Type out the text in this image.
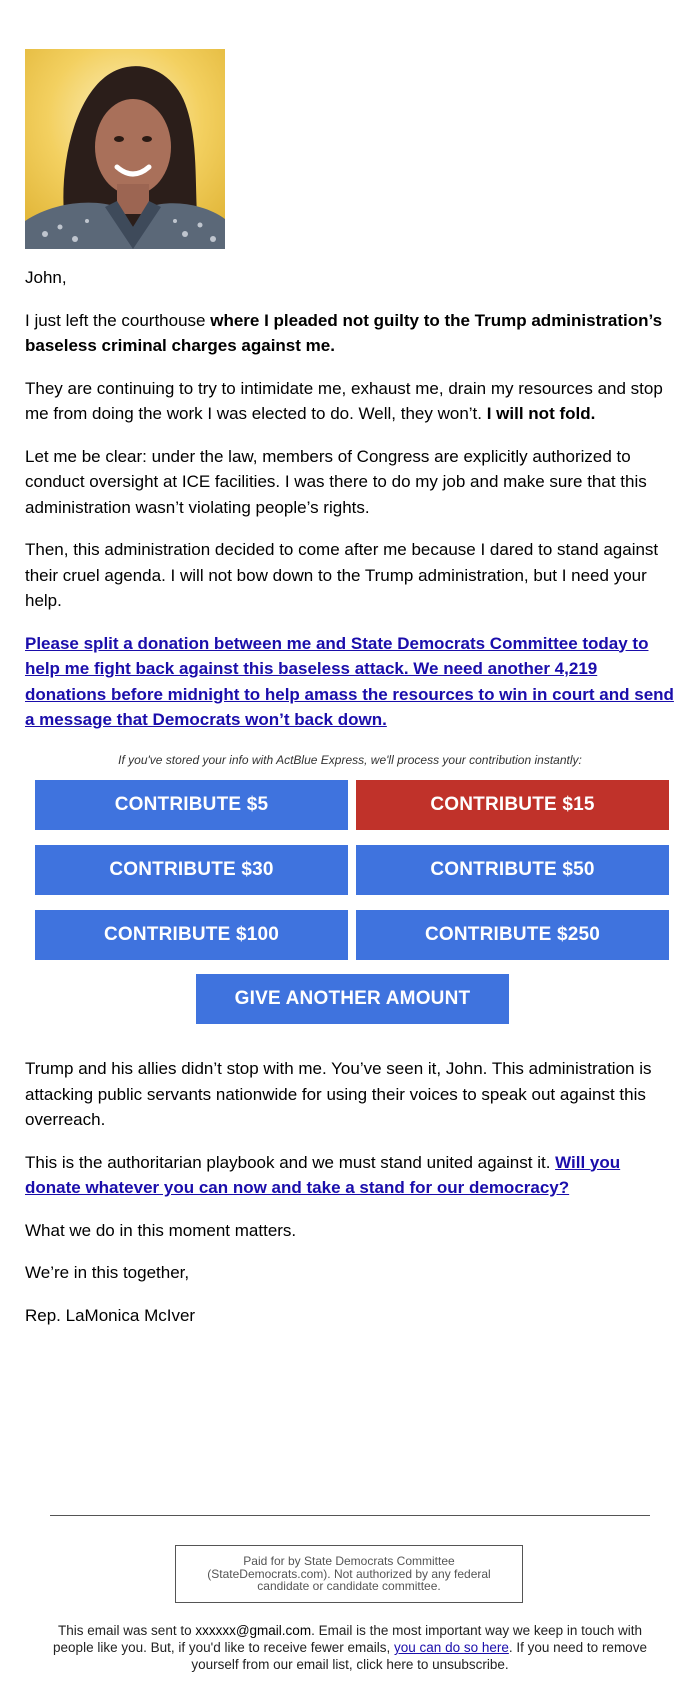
John,

I just left the courthouse where I pleaded not guilty to the Trump administration’s baseless criminal charges against me.

They are continuing to try to intimidate me, exhaust me, drain my resources and stop me from doing the work I was elected to do. Well, they won’t. I will not fold.

Let me be clear: under the law, members of Congress are explicitly authorized to conduct oversight at ICE facilities. I was there to do my job and make sure that this administration wasn’t violating people’s rights.

Then, this administration decided to come after me because I dared to stand against their cruel agenda. I will not bow down to the Trump administration, but I need your help.

Please split a donation between me and State Democrats Committee today to help me fight back against this baseless attack. We need another 4,219 donations before midnight to help amass the resources to win in court and send a message that Democrats won’t back down.

If you've stored your info with ActBlue Express, we'll process your contribution instantly:
CONTRIBUTE $5	CONTRIBUTE $15
CONTRIBUTE $30	CONTRIBUTE $50
CONTRIBUTE $100	CONTRIBUTE $250
GIVE ANOTHER AMOUNT

Trump and his allies didn’t stop with me. You’ve seen it, John. This administration is attacking public servants nationwide for using their voices to speak out against this overreach.

This is the authoritarian playbook and we must stand united against it. Will you donate whatever you can now and take a stand for our democracy?

What we do in this moment matters.

We’re in this together,

Rep. LaMonica McIver

Paid for by State Democrats Committee (StateDemocrats.com). Not authorized by any federal candidate or candidate committee.
This email was sent to xxxxxx@gmail.com. Email is the most important way we keep in touch with people like you. But, if you'd like to receive fewer emails, you can do so here. If you need to remove yourself from our email list, click here to unsubscribe.
